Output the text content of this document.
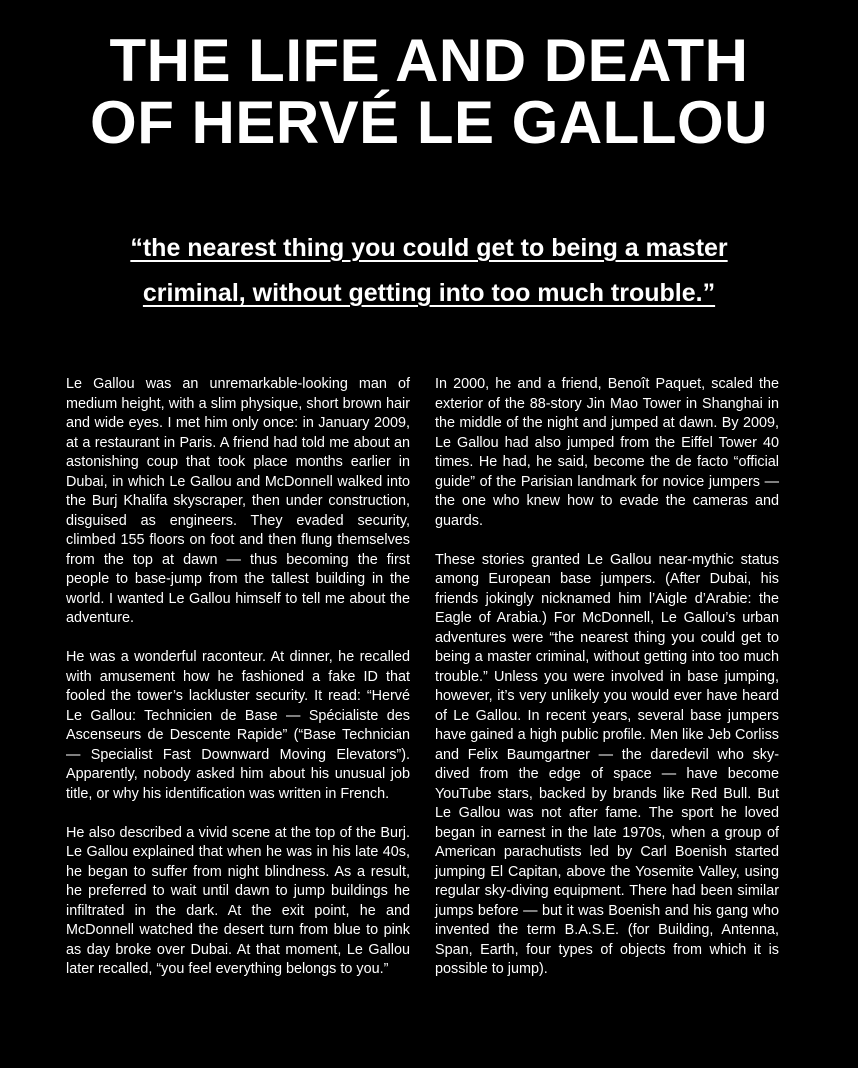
THE LIFE AND DEATH
OF HERVÉ LE GALLOU
“the nearest thing you could get to being a master
criminal, without getting into too much trouble.”

Le Gallou was an unremarkable-looking man of medium height, with a slim physique, short brown hair and wide eyes. I met him only once: in January 2009, at a restaurant in Paris. A friend had told me about an astonishing coup that took place months earlier in Dubai, in which Le Gallou and McDonnell walked into the Burj Khalifa skyscraper, then under construction, disguised as engineers. They evaded security, climbed 155 floors on foot and then flung themselves from the top at dawn — thus becoming the first people to base-jump from the tallest building in the world. I wanted Le Gallou himself to tell me about the adventure.

He was a wonderful raconteur. At dinner, he recalled with amusement how he fashioned a fake ID that fooled the tower’s lackluster security. It read: “Hervé Le Gallou: Technicien de Base — Spécialiste des Ascenseurs de Descente Rapide” (“Base Technician — Specialist Fast Downward Moving Elevators”). Apparently, nobody asked him about his unusual job title, or why his identification was written in French.

He also described a vivid scene at the top of the Burj. Le Gallou explained that when he was in his late 40s, he began to suffer from night blindness. As a result, he preferred to wait until dawn to jump buildings he infiltrated in the dark. At the exit point, he and McDonnell watched the desert turn from blue to pink as day broke over Dubai. At that moment, Le Gallou later recalled, “you feel everything belongs to you.”

In 2000, he and a friend, Benoît Paquet, scaled the exterior of the 88-story Jin Mao Tower in Shanghai in the middle of the night and jumped at dawn. By 2009, Le Gallou had also jumped from the Eiffel Tower 40 times. He had, he said, become the de facto “official guide” of the Parisian landmark for novice jumpers — the one who knew how to evade the cameras and guards.

These stories granted Le Gallou near-mythic status among European base jumpers. (After Dubai, his friends jokingly nicknamed him l’Aigle d’Arabie: the Eagle of Arabia.) For McDonnell, Le Gallou’s urban adventures were “the nearest thing you could get to being a master criminal, without getting into too much trouble.” Unless you were involved in base jumping, however, it’s very unlikely you would ever have heard of Le Gallou. In recent years, several base jumpers have gained a high public profile. Men like Jeb Corliss and Felix Baumgartner — the daredevil who sky-dived from the edge of space — have become YouTube stars, backed by brands like Red Bull. But Le Gallou was not after fame. The sport he loved began in earnest in the late 1970s, when a group of American parachutists led by Carl Boenish started jumping El Capitan, above the Yosemite Valley, using regular sky-diving equipment. There had been similar jumps before — but it was Boenish and his gang who invented the term B.A.S.E. (for Building, Antenna, Span, Earth, four types of objects from which it is possible to jump).
